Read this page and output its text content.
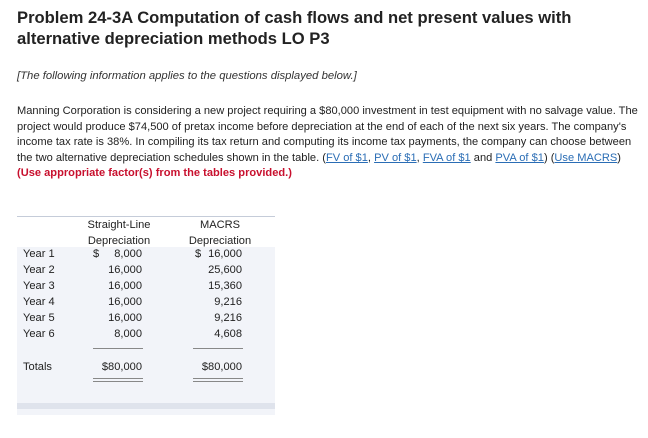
Problem 24-3A Computation of cash flows and net present values with alternative depreciation methods LO P3

[The following information applies to the questions displayed below.]

Manning Corporation is considering a new project requiring a $80,000 investment in test equipment with no salvage value. The project would produce $74,500 of pretax income before depreciation at the end of each of the next six years. The company's income tax rate is 38%. In compiling its tax return and computing its income tax payments, the company can choose between the two alternative depreciation schedules shown in the table. (FV of $1, PV of $1, FVA of $1 and PVA of $1) (Use MACRS) (Use appropriate factor(s) from the tables provided.)

Straight-Line
Depreciation
MACRS
Depreciation
Year 1	$ 8,000	$ 16,000
Year 2	16,000	25,600
Year 3	16,000	15,360
Year 4	16,000	9,216
Year 5	16,000	9,216
Year 6	8,000	4,608
Totals	$80,000	$80,000
